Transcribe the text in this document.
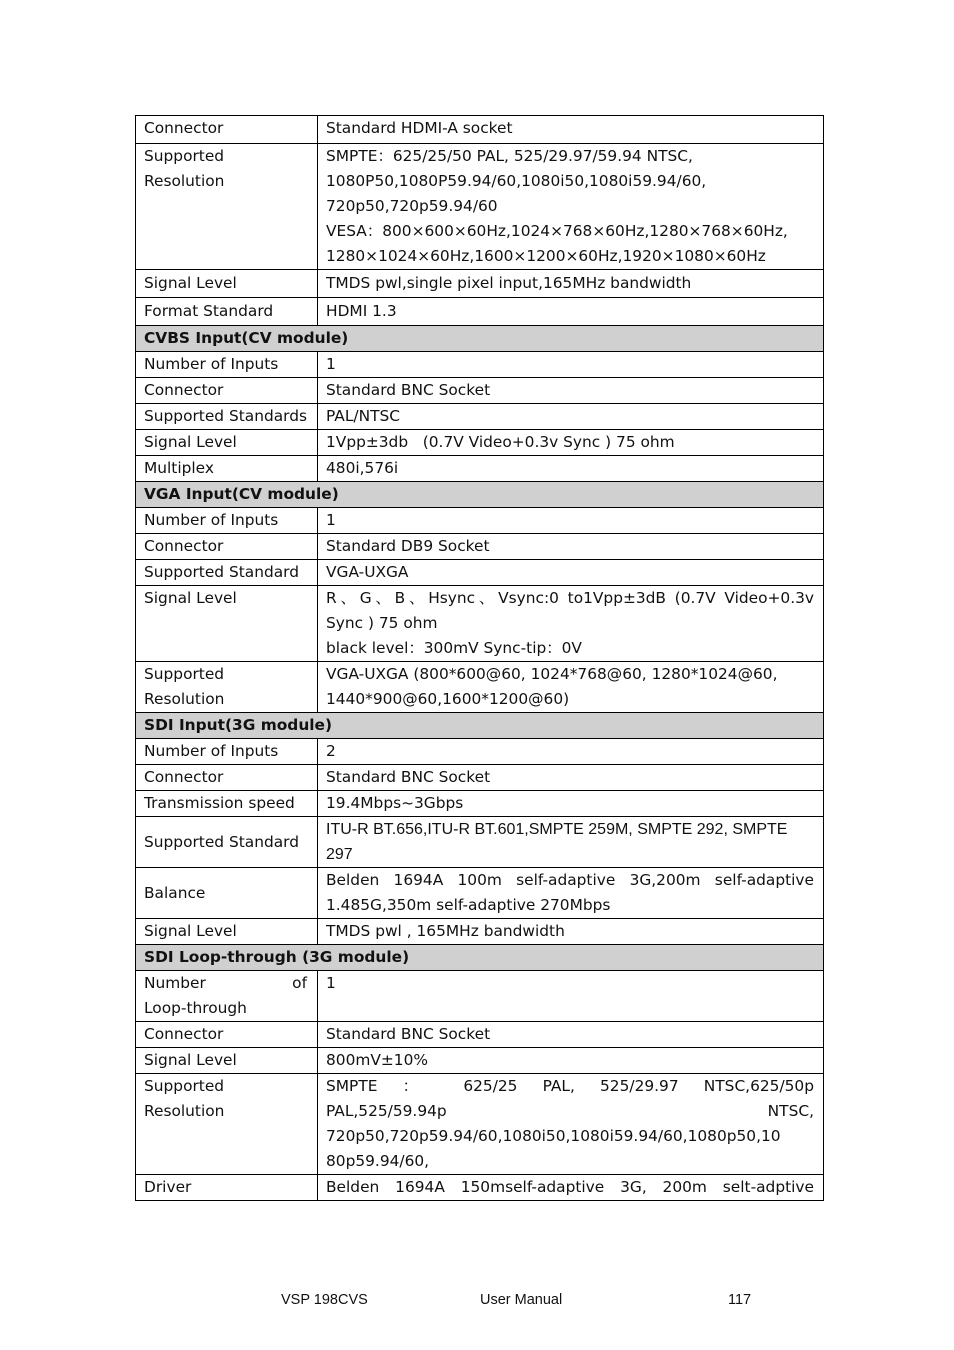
Connector	Standard HDMI-A socket
Supported Resolution	SMPTE：625/25/50 PAL, 525/29.97/59.94 NTSC,
1080P50,1080P59.94/60,1080i50,1080i59.94/60,
720p50,720p59.94/60
VESA：800×600×60Hz,1024×768×60Hz,1280×768×60Hz,
1280×1024×60Hz,1600×1200×60Hz,1920×1080×60Hz

Signal Level	TMDS pwl,single pixel input,165MHz bandwidth
Format Standard	HDMI 1.3
CVBS Input(CV module)	
Number of Inputs	1
Connector	Standard BNC Socket
Supported Standards	PAL/NTSC
Signal Level	1Vpp±3db   (0.7V Video+0.3v Sync ) 75 ohm
Multiplex	480i,576i
VGA Input(CV module)	
Number of Inputs	1
Connector	Standard DB9 Socket
Supported Standard	VGA-UXGA
Signal Level	R、G、B、Hsync、Vsync:0 to1Vpp±3dB (0.7V Video+0.3v
Sync ) 75 ohm
black level：300mV Sync-tip：0V

Supported Resolution	VGA-UXGA (800*600@60, 1024*768@60, 1280*1024@60,
1440*900@60,1600*1200@60)

SDI Input(3G module)	
Number of Inputs	2
Connector	Standard BNC Socket
Transmission speed	19.4Mbps~3Gbps
Supported Standard	ITU-R BT.656,ITU-R BT.601,SMPTE 259M, SMPTE 292, SMPTE
297

Balance	Belden 1694A 100m self-adaptive 3G,200m self-adaptive
1.485G,350m self-adaptive 270Mbps

Signal Level	TMDS pwl , 165MHz bandwidth
SDI Loop-through (3G module)	

Number of
Loop-through	1
Connector	Standard BNC Socket
Signal Level	800mV±10%
Supported Resolution	SMPTE ： 625/25 PAL, 525/29.97 NTSC,625/50p
PAL,525/59.94p NTSC,
720p50,720p59.94/60,1080i50,1080i59.94/60,1080p50,10
80p59.94/60,

Driver	Belden 1694A 150mself-adaptive 3G, 200m selt-adptive
VSP 198CVS	User Manual	117
